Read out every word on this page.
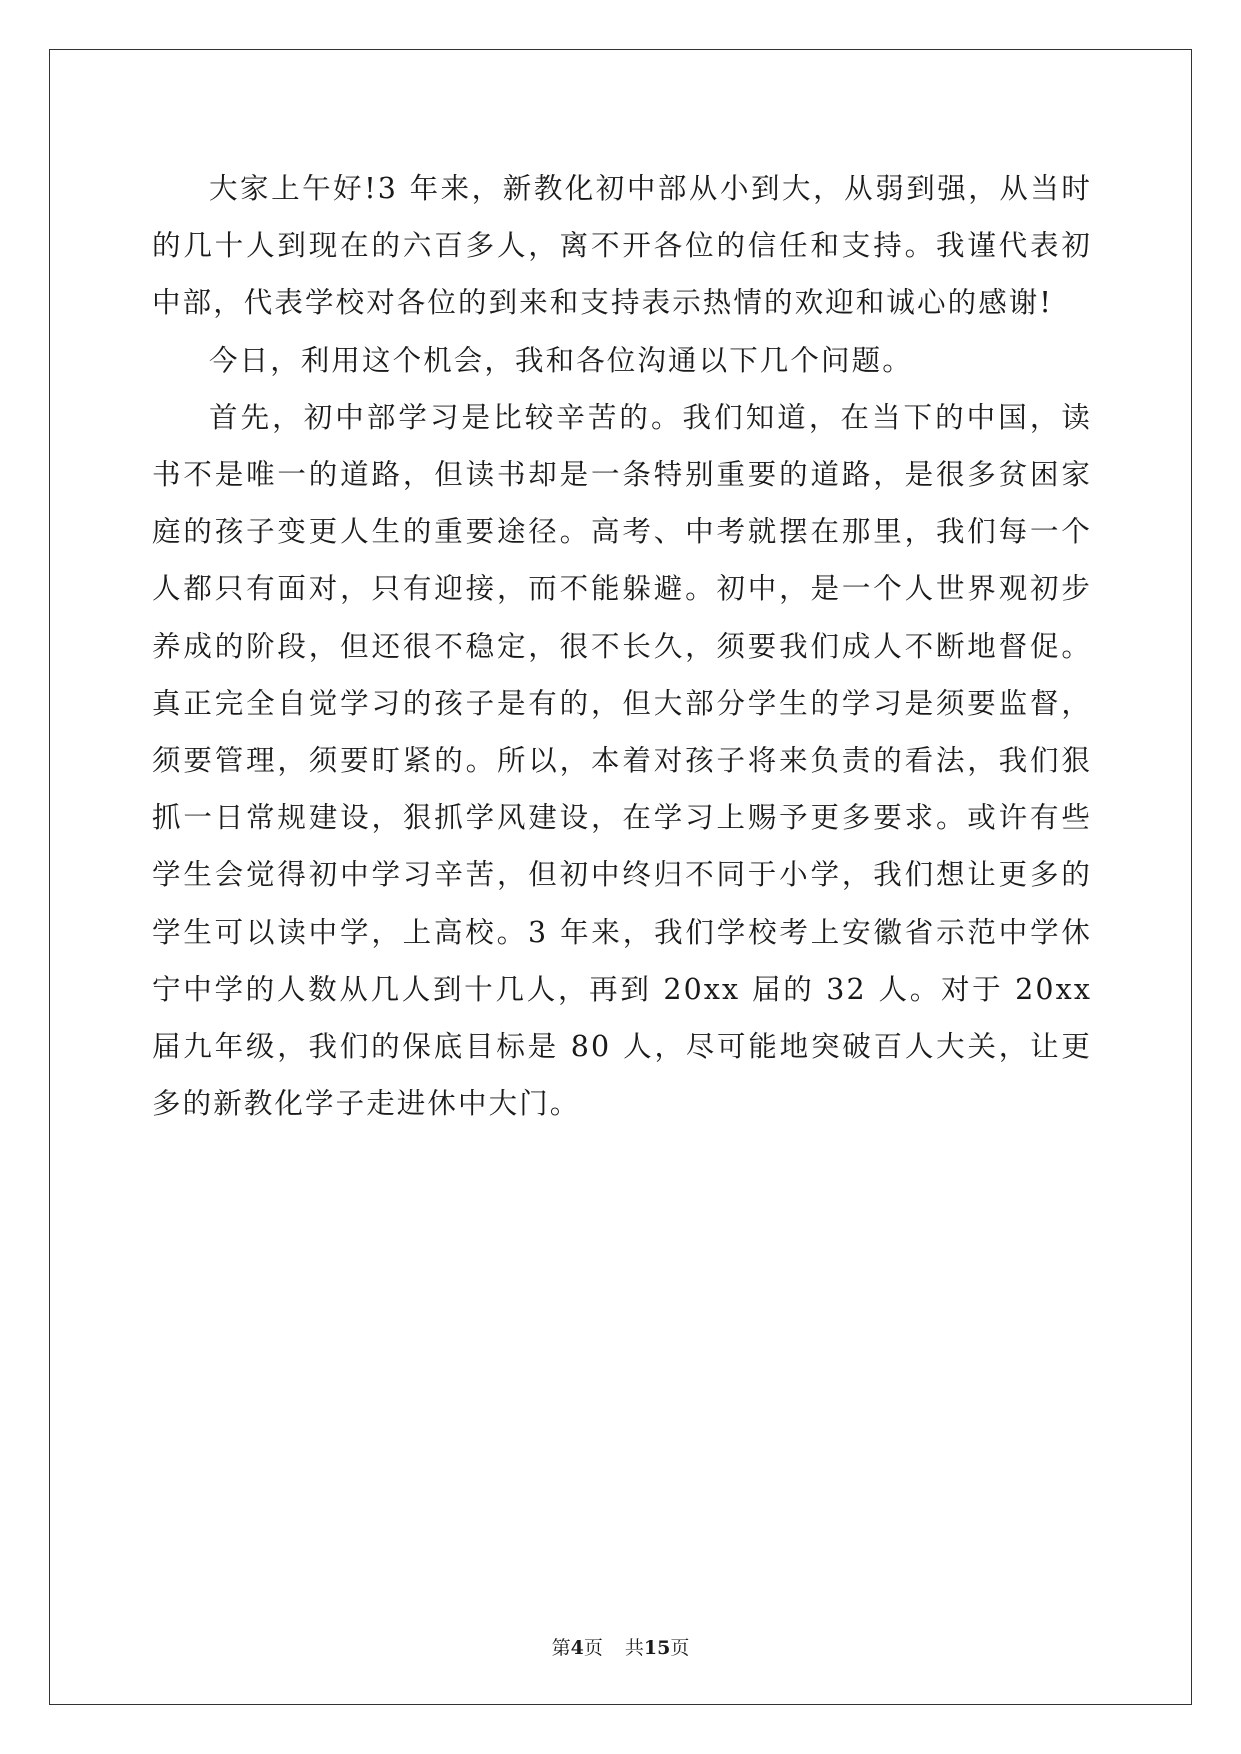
大家上午好!3 年来，新教化初中部从小到大，从弱到强，从当时的几十人到现在的六百多人，离不开各位的信任和支持。我谨代表初中部，代表学校对各位的到来和支持表示热情的欢迎和诚心的感谢!

今日，利用这个机会，我和各位沟通以下几个问题。

首先，初中部学习是比较辛苦的。我们知道，在当下的中国，读书不是唯一的道路，但读书却是一条特别重要的道路，是很多贫困家庭的孩子变更人生的重要途径。高考、中考就摆在那里，我们每一个人都只有面对，只有迎接，而不能躲避。初中，是一个人世界观初步养成的阶段，但还很不稳定，很不长久，须要我们成人不断地督促。真正完全自觉学习的孩子是有的，但大部分学生的学习是须要监督，须要管理，须要盯紧的。所以，本着对孩子将来负责的看法，我们狠抓一日常规建设，狠抓学风建设，在学习上赐予更多要求。或许有些学生会觉得初中学习辛苦，但初中终归不同于小学，我们想让更多的学生可以读中学，上高校。3 年来，我们学校考上安徽省示范中学休宁中学的人数从几人到十几人，再到 20xx 届的 32 人。对于 20xx 届九年级，我们的保底目标是 80 人，尽可能地突破百人大关，让更多的新教化学子走进休中大门。

第4页 共15页
